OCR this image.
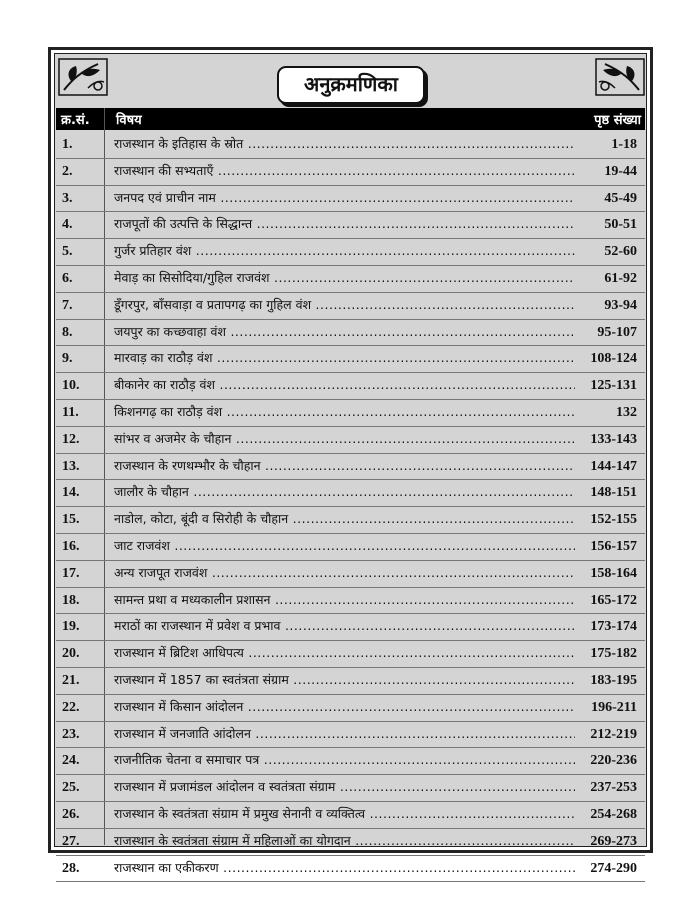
अनुक्रमणिका
क्र.सं. विषय	पृष्ठ संख्या
1.	राजस्थान के इतिहास के स्रोत .....	1-18
2.	राजस्थान की सभ्यताएँ .....	19-44
3.	जनपद एवं प्राचीन नाम .....	45-49
4.	राजपूतों की उत्पत्ति के सिद्धान्त .....	50-51
5.	गुर्जर प्रतिहार वंश .....	52-60
6.	मेवाड़ का सिसोदिया/गुहिल राजवंश .....	61-92
7.	डूँगरपुर, बाँसवाड़ा व प्रतापगढ़ का गुहिल वंश .....	93-94
8.	जयपुर का कच्छवाहा वंश .....	95-107
9.	मारवाड़ का राठौड़ वंश .....	108-124
10.	बीकानेर का राठौड़ वंश .....	125-131
11.	किशनगढ़ का राठौड़ वंश .....	132
12.	सांभर व अजमेर के चौहान .....	133-143
13.	राजस्थान के रणथम्भौर के चौहान .....	144-147
14.	जालौर के चौहान .....	148-151
15.	नाडोल, कोटा, बूंदी व सिरोही के चौहान .....	152-155
16.	जाट राजवंश .....	156-157
17.	अन्य राजपूत राजवंश .....	158-164
18.	सामन्त प्रथा व मध्यकालीन प्रशासन .....	165-172
19.	मराठों का राजस्थान में प्रवेश व प्रभाव .....	173-174
20.	राजस्थान में ब्रिटिश आधिपत्य .....	175-182
21.	राजस्थान में 1857 का स्वतंत्रता संग्राम .....	183-195
22.	राजस्थान में किसान आंदोलन .....	196-211
23.	राजस्थान में जनजाति आंदोलन .....	212-219
24.	राजनीतिक चेतना व समाचार पत्र .....	220-236
25.	राजस्थान में प्रजामंडल आंदोलन व स्वतंत्रता संग्राम .....	237-253
26.	राजस्थान के स्वतंत्रता संग्राम में प्रमुख सेनानी व व्यक्तित्व .....	254-268
27.	राजस्थान के स्वतंत्रता संग्राम में महिलाओं का योगदान .....	269-273
28.	राजस्थान का एकीकरण .....	274-290
